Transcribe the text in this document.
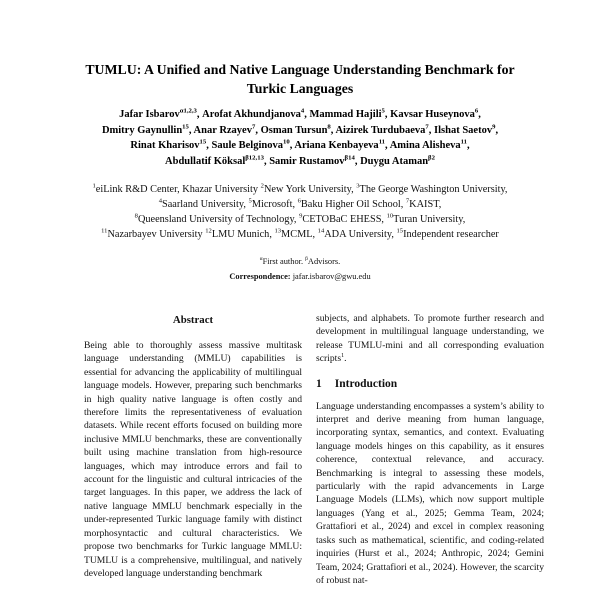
TUMLU: A Unified and Native Language Understanding Benchmark for
Turkic Languages
Jafar Isbarov$^{\alpha 1,2,3}$, Arofat Akhundjanova$^4$, Mammad Hajili$^5$, Kavsar Huseynova$^6$,
Dmitry Gaynullin$^{15}$, Anar Rzayev$^7$, Osman Tursun$^8$, Aizirek Turdubaeva$^7$, Ilshat Saetov$^9$,
Rinat Kharisov$^{15}$, Saule Belginova$^{10}$, Ariana Kenbayeva$^{11}$, Amina Alisheva$^{11}$,
Abdullatif Köksal$^{\beta 12,13}$, Samir Rustamov$^{\beta 14}$, Duygu Ataman$^{\beta 2}$
$^1$eiLink R&D Center, Khazar University $^2$New York University, $^3$The George Washington University,
$^4$Saarland University, $^5$Microsoft, $^6$Baku Higher Oil School, $^7$KAIST,
$^8$Queensland University of Technology, $^9$CETOBaC EHESS, $^{10}$Turan University,
$^{11}$Nazarbayev University $^{12}$LMU Munich, $^{13}$MCML, $^{14}$ADA University, $^{15}$Independent researcher
$^\alpha$First author. $^\beta$Advisors.
Correspondence: jafar.isbarov@gwu.edu
Abstract

Being able to thoroughly assess massive multitask language understanding (MMLU) capabilities is essential for advancing the applicability of multilingual language models. However, preparing such benchmarks in high quality native language is often costly and therefore limits the representativeness of evaluation datasets. While recent efforts focused on building more inclusive MMLU benchmarks, these are conventionally built using machine translation from high-resource languages, which may introduce errors and fail to account for the linguistic and cultural intricacies of the target languages. In this paper, we address the lack of native language MMLU benchmark especially in the under-represented Turkic language family with distinct morphosyntactic and cultural characteristics. We propose two benchmarks for Turkic language MMLU: TUMLU is a comprehensive, multilingual, and natively developed language understanding benchmark

subjects, and alphabets. To promote further research and development in multilingual language understanding, we release TUMLU-mini and all corresponding evaluation scripts$^1$.

1 Introduction

Language understanding encompasses a system’s ability to interpret and derive meaning from human language, incorporating syntax, semantics, and context. Evaluating language models hinges on this capability, as it ensures coherence, contextual relevance, and accuracy. Benchmarking is integral to assessing these models, particularly with the rapid advancements in Large Language Models (LLMs), which now support multiple languages (Yang et al., 2025; Gemma Team, 2024; Grattafiori et al., 2024) and excel in complex reasoning tasks such as mathematical, scientific, and coding-related inquiries (Hurst et al., 2024; Anthropic, 2024; Gemini Team, 2024; Grattafiori et al., 2024). However, the scarcity of robust nat-
